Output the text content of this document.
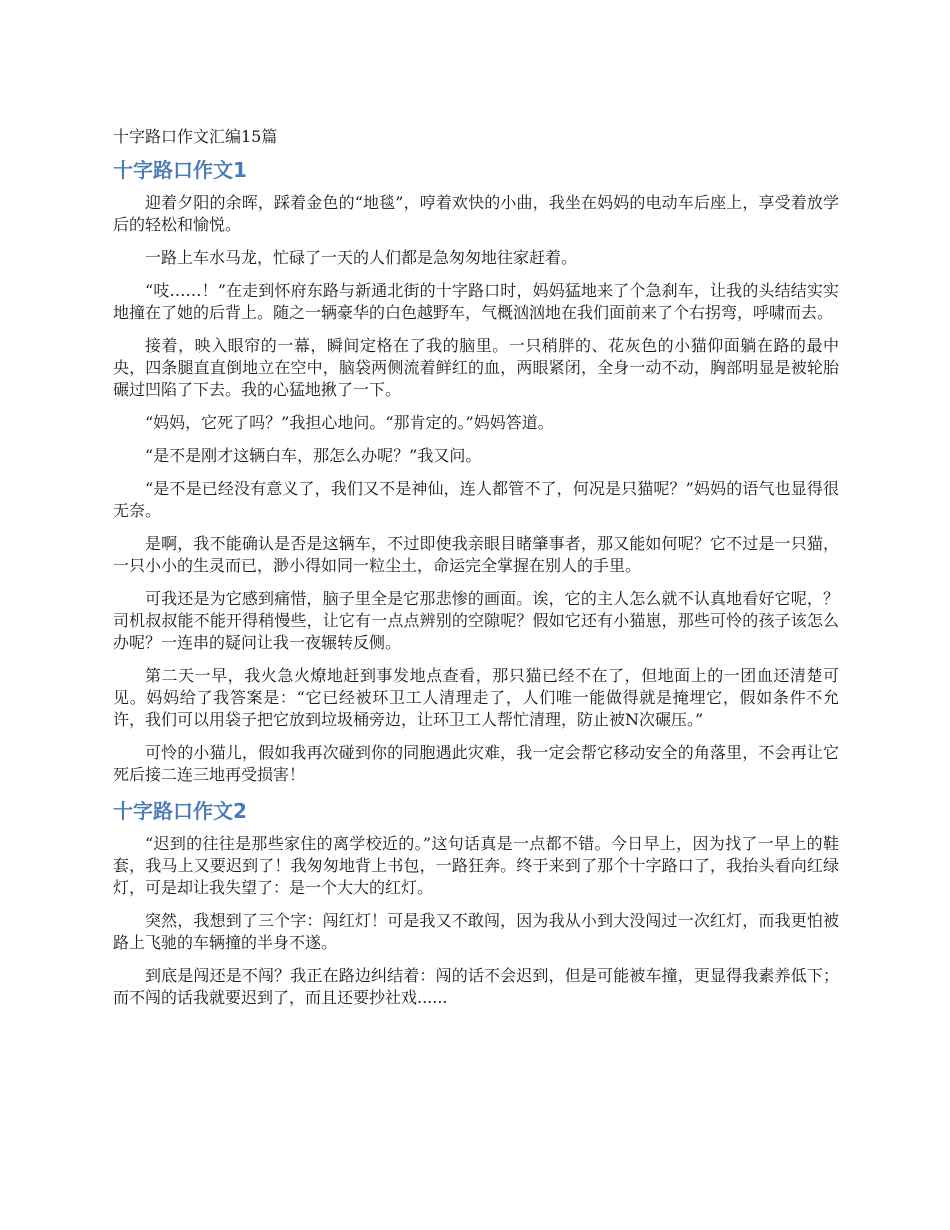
十字路口作文汇编15篇
十字路口作文1

迎着夕阳的余晖，踩着金色的“地毯”，哼着欢快的小曲，我坐在妈妈的电动车后座上，享受着放学后的轻松和愉悦。

一路上车水马龙，忙碌了一天的人们都是急匆匆地往家赶着。

“吱……！”在走到怀府东路与新通北街的十字路口时，妈妈猛地来了个急刹车，让我的头结结实实地撞在了她的后背上。随之一辆豪华的白色越野车，气概汹汹地在我们面前来了个右拐弯，呼啸而去。

接着，映入眼帘的一幕，瞬间定格在了我的脑里。一只稍胖的、花灰色的小猫仰面躺在路的最中央，四条腿直直倒地立在空中，脑袋两侧流着鲜红的血，两眼紧闭，全身一动不动，胸部明显是被轮胎碾过凹陷了下去。我的心猛地揪了一下。

“妈妈，它死了吗？”我担心地问。“那肯定的。”妈妈答道。

“是不是刚才这辆白车，那怎么办呢？”我又问。

“是不是已经没有意义了，我们又不是神仙，连人都管不了，何况是只猫呢？”妈妈的语气也显得很无奈。

是啊，我不能确认是否是这辆车，不过即使我亲眼目睹肇事者，那又能如何呢？它不过是一只猫，一只小小的生灵而已，渺小得如同一粒尘土，命运完全掌握在别人的手里。

可我还是为它感到痛惜，脑子里全是它那悲惨的画面。诶，它的主人怎么就不认真地看好它呢，？司机叔叔能不能开得稍慢些，让它有一点点辨别的空隙呢？假如它还有小猫崽，那些可怜的孩子该怎么办呢？一连串的疑问让我一夜辗转反侧。

第二天一早，我火急火燎地赶到事发地点查看，那只猫已经不在了，但地面上的一团血还清楚可见。妈妈给了我答案是：“它已经被环卫工人清理走了，人们唯一能做得就是掩埋它，假如条件不允许，我们可以用袋子把它放到垃圾桶旁边，让环卫工人帮忙清理，防止被N次碾压。”

可怜的小猫儿，假如我再次碰到你的同胞遇此灾难，我一定会帮它移动安全的角落里，不会再让它死后接二连三地再受损害！

十字路口作文2

“迟到的往往是那些家住的离学校近的。”这句话真是一点都不错。今日早上，因为找了一早上的鞋套，我马上又要迟到了！我匆匆地背上书包，一路狂奔。终于来到了那个十字路口了，我抬头看向红绿灯，可是却让我失望了：是一个大大的红灯。

突然，我想到了三个字：闯红灯！可是我又不敢闯，因为我从小到大没闯过一次红灯，而我更怕被路上飞驰的车辆撞的半身不遂。

到底是闯还是不闯？我正在路边纠结着：闯的话不会迟到，但是可能被车撞，更显得我素养低下；而不闯的话我就要迟到了，而且还要抄社戏......
